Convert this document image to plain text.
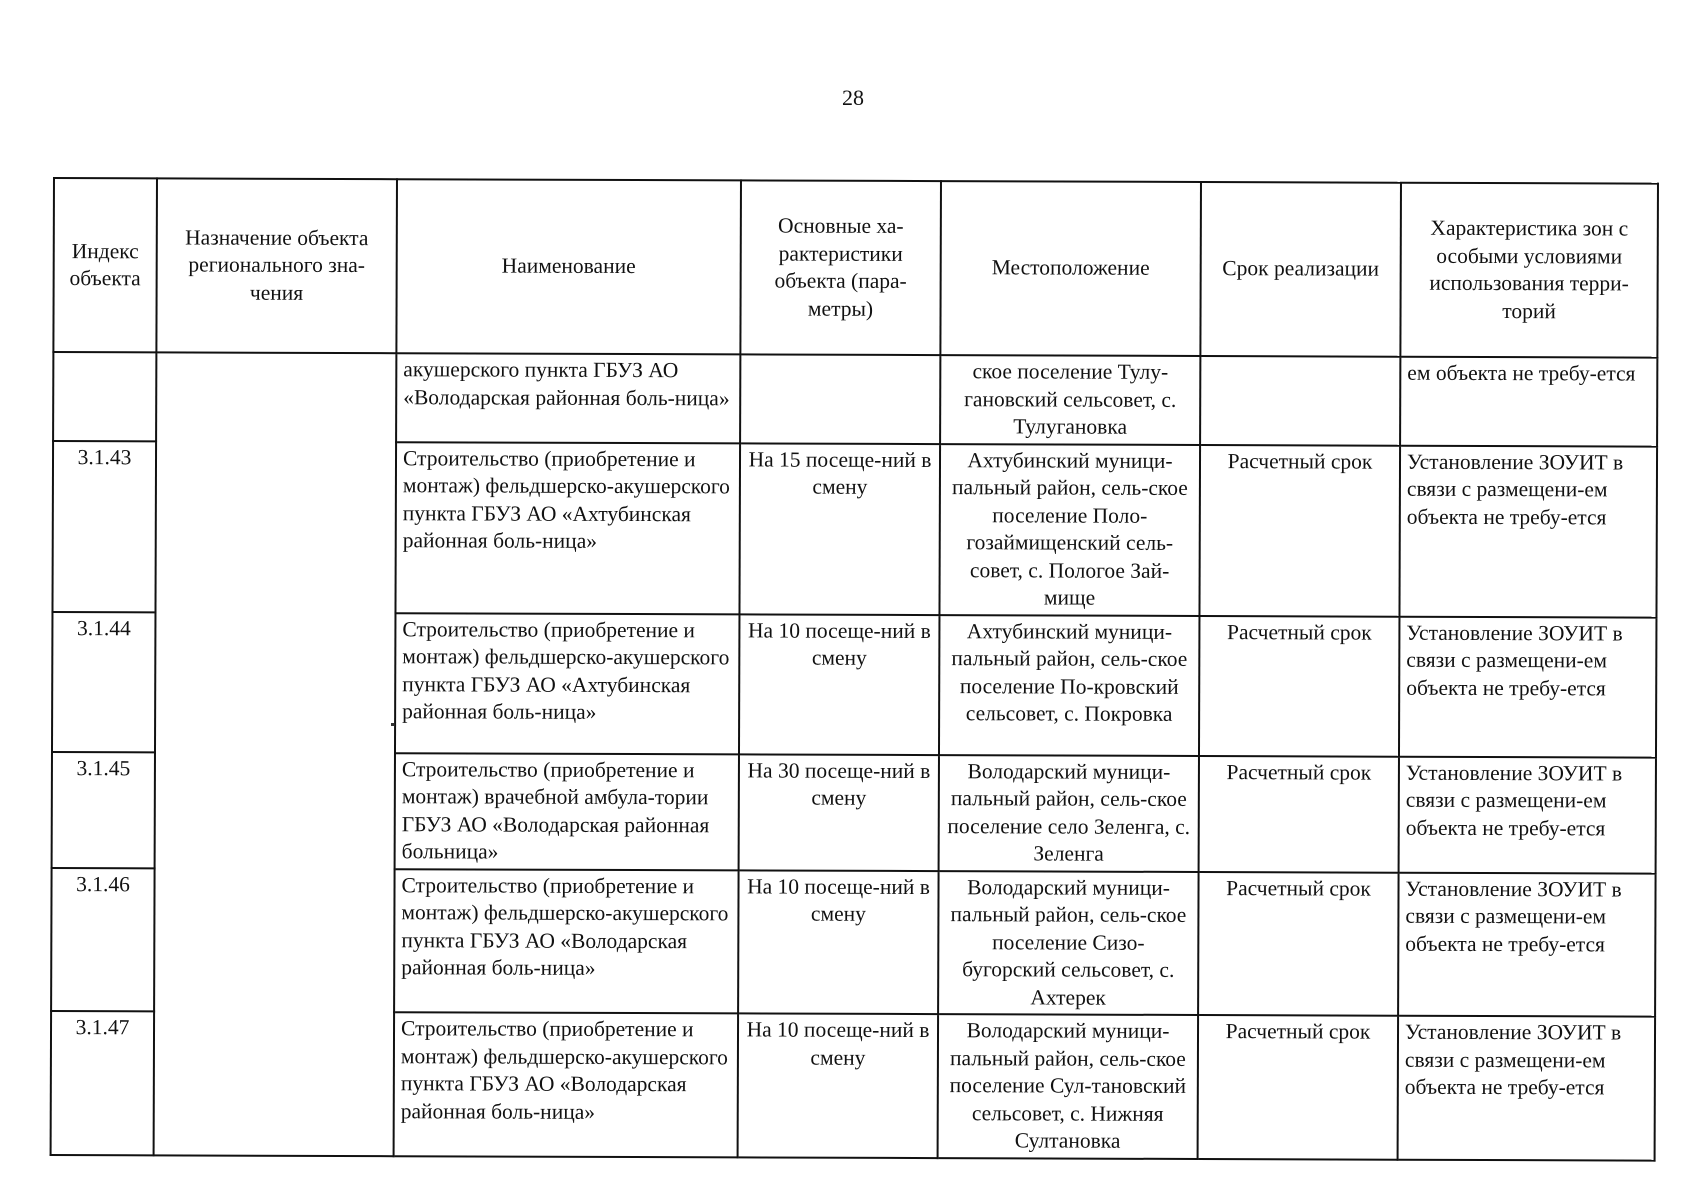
28
Индекс объекта	Назначение объекта регионального зна-чения	Наименование	Основные ха-рактеристики объекта (пара-метры)	Местоположение	Срок реализации	Характеристика зон с особыми условиями использования терри-торий
		акушерского пункта ГБУЗ АО «Володарская районная боль-ница»		ское поселение Тулу-гановский сельсовет, с. Тулугановка		ем объекта не требу-ется
3.1.43		Строительство (приобретение и монтаж) фельдшерско-акушерского пункта ГБУЗ АО «Ахтубинская районная боль-ница»	На 15 посеще-ний в смену	Ахтубинский муници-пальный район, сель-ское поселение Поло-гозаймищенский сель-совет, с. Пологое Зай-мище	Расчетный срок	Установление ЗОУИТ в связи с размещени-ем объекта не требу-ется
3.1.44		Строительство (приобретение и монтаж) фельдшерско-акушерского пункта ГБУЗ АО «Ахтубинская районная боль-ница»	На 10 посеще-ний в смену	Ахтубинский муници-пальный район, сель-ское поселение По-кровский сельсовет, с. Покровка	Расчетный срок	Установление ЗОУИТ в связи с размещени-ем объекта не требу-ется
3.1.45		Строительство (приобретение и монтаж) врачебной амбула-тории ГБУЗ АО «Володарская районная больница»	На 30 посеще-ний в смену	Володарский муници-пальный район, сель-ское поселение село Зеленга, с. Зеленга	Расчетный срок	Установление ЗОУИТ в связи с размещени-ем объекта не требу-ется
3.1.46		Строительство (приобретение и монтаж) фельдшерско-акушерского пункта ГБУЗ АО «Володарская районная боль-ница»	На 10 посеще-ний в смену	Володарский муници-пальный район, сель-ское поселение Сизо-бугорский сельсовет, с. Ахтерек	Расчетный срок	Установление ЗОУИТ в связи с размещени-ем объекта не требу-ется
3.1.47		Строительство (приобретение и монтаж) фельдшерско-акушерского пункта ГБУЗ АО «Володарская районная боль-ница»	На 10 посеще-ний в смену	Володарский муници-пальный район, сель-ское поселение Сул-тановский сельсовет, с. Нижняя Султановка	Расчетный срок	Установление ЗОУИТ в связи с размещени-ем объекта не требу-ется
